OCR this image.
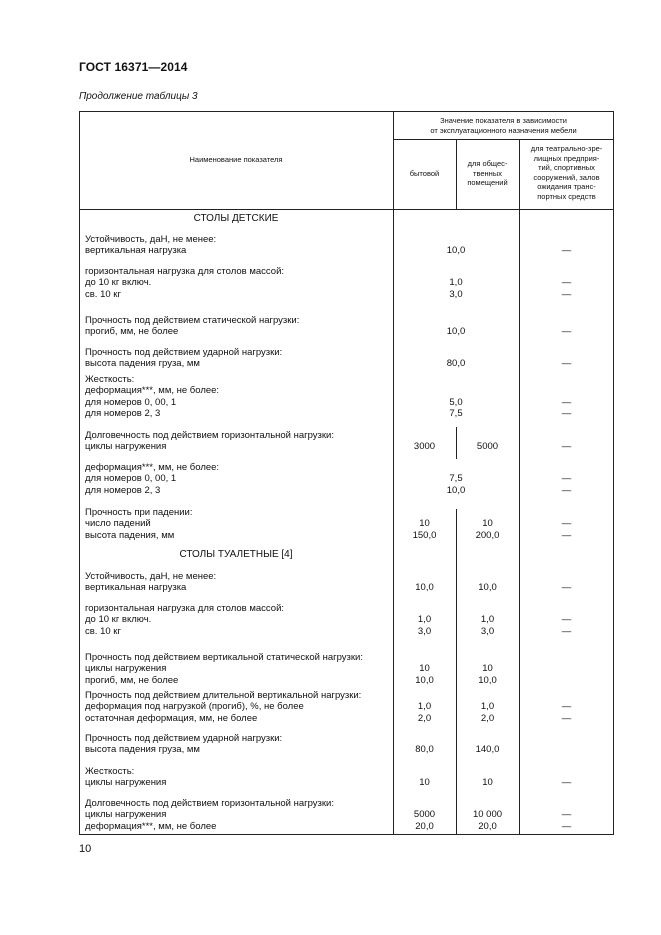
ГОСТ 16371—2014
Продолжение таблицы 3
Наименование показателя
Значение показателя в зависимости
от эксплуатационного назначения мебели
бытовой
для общес-
твенных
помещений
для театрально-зре-
лищных предприя-
тий, спортивных
сооружений, залов
ожидания транс-
портных средств
СТОЛЫ ДЕТСКИЕ
Устойчивость, даН, не менее:
вертикальная нагрузка	10,0	—
горизонтальная нагрузка для столов массой:
до 10 кг включ.	1,0	—
св. 10 кг	3,0	—
Прочность под действием статической нагрузки:
прогиб, мм, не более	10,0	—
Прочность под действием ударной нагрузки:
высота падения груза, мм	80,0	—
Жесткость:
деформация***, мм, не более:
для номеров 0, 00, 1	5,0	—
для номеров 2, 3	7,5	—
Долговечность под действием горизонтальной нагрузки:
циклы нагружения	3000	5000	—
деформация***, мм, не более:
для номеров 0, 00, 1	7,5	—
для номеров 2, 3	10,0	—
Прочность при падении:
число падений	10	10	—
высота падения, мм	150,0	200,0	—
СТОЛЫ ТУАЛЕТНЫЕ [4]
Устойчивость, даН, не менее:
вертикальная нагрузка	10,0	10,0	—
горизонтальная нагрузка для столов массой:
до 10 кг включ.	1,0	1,0	—
св. 10 кг	3,0	3,0	—
Прочность под действием вертикальной статической нагрузки:
циклы нагружения	10	10
прогиб, мм, не более	10,0	10,0
Прочность под действием длительной вертикальной нагрузки:
деформация под нагрузкой (прогиб), %, не более	1,0	1,0	—
остаточная деформация, мм, не более	2,0	2,0	—
Прочность под действием ударной нагрузки:
высота падения груза, мм	80,0	140,0
Жесткость:
циклы нагружения	10	10	—
Долговечность под действием горизонтальной нагрузки:
циклы нагружения	5000	10 000	—
деформация***, мм, не более	20,0	20,0	—
10
